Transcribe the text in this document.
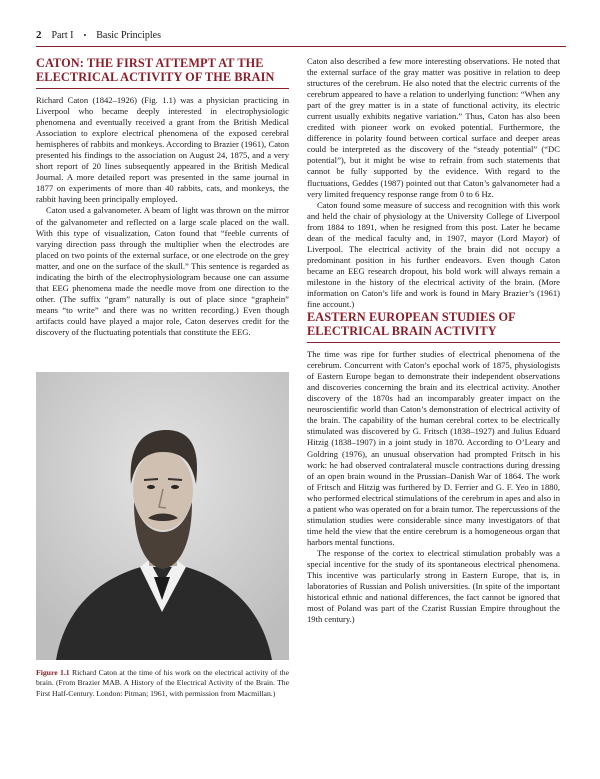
2 Part I • Basic Principles
CATON: THE FIRST ATTEMPT AT THE ELECTRICAL ACTIVITY OF THE BRAIN

Richard Caton (1842–1926) (Fig. 1.1) was a physician practicing in Liverpool who became deeply interested in electrophysiologic phenomena and eventually received a grant from the British Medical Association to explore electrical phenomena of the exposed cerebral hemispheres of rabbits and monkeys. According to Brazier (1961), Caton presented his findings to the association on August 24, 1875, and a very short report of 20 lines subsequently appeared in the British Medical Journal. A more detailed report was presented in the same journal in 1877 on experiments of more than 40 rabbits, cats, and monkeys, the rabbit having been principally employed.

Caton used a galvanometer. A beam of light was thrown on the mirror of the galvanometer and reflected on a large scale placed on the wall. With this type of visualization, Caton found that “feeble currents of varying direction pass through the multiplier when the electrodes are placed on two points of the external surface, or one electrode on the grey matter, and one on the surface of the skull.” This sentence is regarded as indicating the birth of the electrophysiologram because one can assume that EEG phenomena made the needle move from one direction to the other. (The suffix “gram” naturally is out of place since “graphein” means “to write” and there was no written recording.) Even though artifacts could have played a major role, Caton deserves credit for the discovery of the fluctuating potentials that constitute the EEG.

Figure 1.1 Richard Caton at the time of his work on the electrical activity of the brain. (From Brazier MAB. A History of the Electrical Activity of the Brain. The First Half-Century. London: Pitman; 1961, with permission from Macmillan.)

Caton also described a few more interesting observations. He noted that the external surface of the gray matter was positive in relation to deep structures of the cerebrum. He also noted that the electric currents of the cerebrum appeared to have a relation to underlying function: “When any part of the grey matter is in a state of functional activity, its electric current usually exhibits negative variation.” Thus, Caton has also been credited with pioneer work on evoked potential. Furthermore, the difference in polarity found between cortical surface and deeper areas could be interpreted as the discovery of the “steady potential” (“DC potential”), but it might be wise to refrain from such statements that cannot be fully supported by the evidence. With regard to the fluctuations, Geddes (1987) pointed out that Caton’s galvanometer had a very limited frequency response range from 0 to 6 Hz.

Caton found some measure of success and recognition with this work and held the chair of physiology at the University College of Liverpool from 1884 to 1891, when he resigned from this post. Later he became dean of the medical faculty and, in 1907, mayor (Lord Mayor) of Liverpool. The electrical activity of the brain did not occupy a predominant position in his further endeavors. Even though Caton became an EEG research dropout, his bold work will always remain a milestone in the history of the electrical activity of the brain. (More information on Caton’s life and work is found in Mary Brazier’s (1961) fine account.)

EASTERN EUROPEAN STUDIES OF ELECTRICAL BRAIN ACTIVITY

The time was ripe for further studies of electrical phenomena of the cerebrum. Concurrent with Caton’s epochal work of 1875, physiologists of Eastern Europe began to demonstrate their independent observations and discoveries concerning the brain and its electrical activity. Another discovery of the 1870s had an incomparably greater impact on the neuroscientific world than Caton’s demonstration of electrical activity of the brain. The capability of the human cerebral cortex to be electrically stimulated was discovered by G. Fritsch (1838–1927) and Julius Eduard Hitzig (1838–1907) in a joint study in 1870. According to O’Leary and Goldring (1976), an unusual observation had prompted Fritsch in his work: he had observed contralateral muscle contractions during dressing of an open brain wound in the Prussian–Danish War of 1864. The work of Fritsch and Hitzig was furthered by D. Ferrier and G. F. Yeo in 1880, who performed electrical stimulations of the cerebrum in apes and also in a patient who was operated on for a brain tumor. The repercussions of the stimulation studies were considerable since many investigators of that time held the view that the entire cerebrum is a homogeneous organ that harbors mental functions.

The response of the cortex to electrical stimulation probably was a special incentive for the study of its spontaneous electrical phenomena. This incentive was particularly strong in Eastern Europe, that is, in laboratories of Russian and Polish universities. (In spite of the important historical ethnic and national differences, the fact cannot be ignored that most of Poland was part of the Czarist Russian Empire throughout the 19th century.)
